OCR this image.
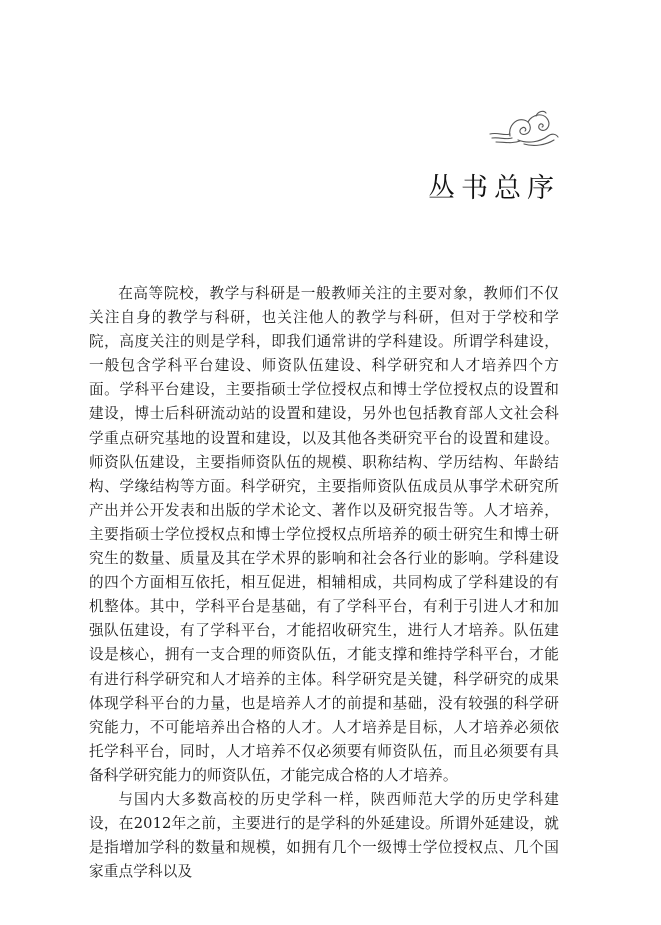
丛书总序

在高等院校，教学与科研是一般教师关注的主要对象，教师们不仅关注自身的教学与科研，也关注他人的教学与科研，但对于学校和学院，高度关注的则是学科，即我们通常讲的学科建设。所谓学科建设，一般包含学科平台建设、师资队伍建设、科学研究和人才培养四个方面。学科平台建设，主要指硕士学位授权点和博士学位授权点的设置和建设，博士后科研流动站的设置和建设，另外也包括教育部人文社会科学重点研究基地的设置和建设，以及其他各类研究平台的设置和建设。师资队伍建设，主要指师资队伍的规模、职称结构、学历结构、年龄结构、学缘结构等方面。科学研究，主要指师资队伍成员从事学术研究所产出并公开发表和出版的学术论文、著作以及研究报告等。人才培养，主要指硕士学位授权点和博士学位授权点所培养的硕士研究生和博士研究生的数量、质量及其在学术界的影响和社会各行业的影响。学科建设的四个方面相互依托，相互促进，相辅相成，共同构成了学科建设的有机整体。其中，学科平台是基础，有了学科平台，有利于引进人才和加强队伍建设，有了学科平台，才能招收研究生，进行人才培养。队伍建设是核心，拥有一支合理的师资队伍，才能支撑和维持学科平台，才能有进行科学研究和人才培养的主体。科学研究是关键，科学研究的成果体现学科平台的力量，也是培养人才的前提和基础，没有较强的科学研究能力，不可能培养出合格的人才。人才培养是目标，人才培养必须依托学科平台，同时，人才培养不仅必须要有师资队伍，而且必须要有具备科学研究能力的师资队伍，才能完成合格的人才培养。

与国内大多数高校的历史学科一样，陕西师范大学的历史学科建设，在2012年之前，主要进行的是学科的外延建设。所谓外延建设，就是指增加学科的数量和规模，如拥有几个一级博士学位授权点、几个国家重点学科以及
